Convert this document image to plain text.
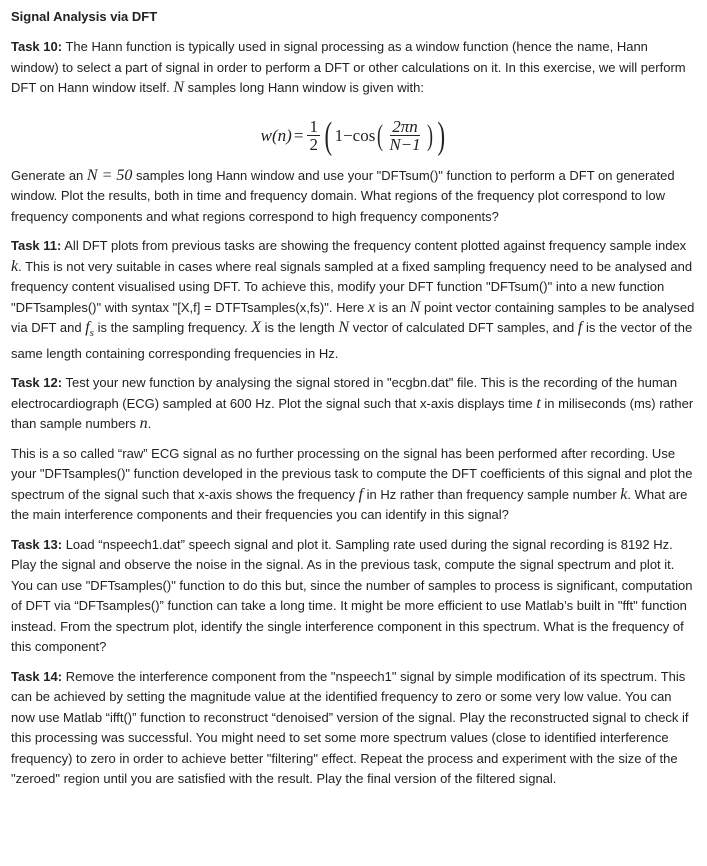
Signal Analysis via DFT
Task 10: The Hann function is typically used in signal processing as a window function (hence the name, Hann window) to select a part of signal in order to perform a DFT or other calculations on it. In this exercise, we will perform DFT on Hann window itself. N samples long Hann window is given with:
$w(n) = \frac{1}{2}$ ( 1−cos ( $\frac{2\pi n}{N-1}$ ) )
Generate an N = 50 samples long Hann window and use your "DFTsum()" function to perform a DFT on generated window. Plot the results, both in time and frequency domain. What regions of the frequency plot correspond to low frequency components and what regions correspond to high frequency components?
Task 11: All DFT plots from previous tasks are showing the frequency content plotted against frequency sample index k. This is not very suitable in cases where real signals sampled at a fixed sampling frequency need to be analysed and frequency content visualised using DFT. To achieve this, modify your DFT function "DFTsum()" into a new function "DFTsamples()" with syntax "[X,f] = DTFTsamples(x,fs)". Here x is an N point vector containing samples to be analysed via DFT and $f_s$ is the sampling frequency. X is the length N vector of calculated DFT samples, and f is the vector of the same length containing corresponding frequencies in Hz.
Task 12: Test your new function by analysing the signal stored in "ecgbn.dat" file. This is the recording of the human electrocardiograph (ECG) sampled at 600 Hz. Plot the signal such that x-axis displays time t in miliseconds (ms) rather than sample numbers n.
This is a so called “raw” ECG signal as no further processing on the signal has been performed after recording. Use your "DFTsamples()" function developed in the previous task to compute the DFT coefficients of this signal and plot the spectrum of the signal such that x-axis shows the frequency f in Hz rather than frequency sample number k. What are the main interference components and their frequencies you can identify in this signal?
Task 13: Load “nspeech1.dat” speech signal and plot it. Sampling rate used during the signal recording is 8192 Hz. Play the signal and observe the noise in the signal. As in the previous task, compute the signal spectrum and plot it. You can use "DFTsamples()" function to do this but, since the number of samples to process is significant, computation of DFT via “DFTsamples()” function can take a long time. It might be more efficient to use Matlab’s built in "fft" function instead. From the spectrum plot, identify the single interference component in this spectrum. What is the frequency of this component?
Task 14: Remove the interference component from the "nspeech1" signal by simple modification of its spectrum. This can be achieved by setting the magnitude value at the identified frequency to zero or some very low value. You can now use Matlab “ifft()” function to reconstruct “denoised” version of the signal. Play the reconstructed signal to check if this processing was successful. You might need to set some more spectrum values (close to identified interference frequency) to zero in order to achieve better "filtering" effect. Repeat the process and experiment with the size of the "zeroed" region until you are satisfied with the result. Play the final version of the filtered signal.
